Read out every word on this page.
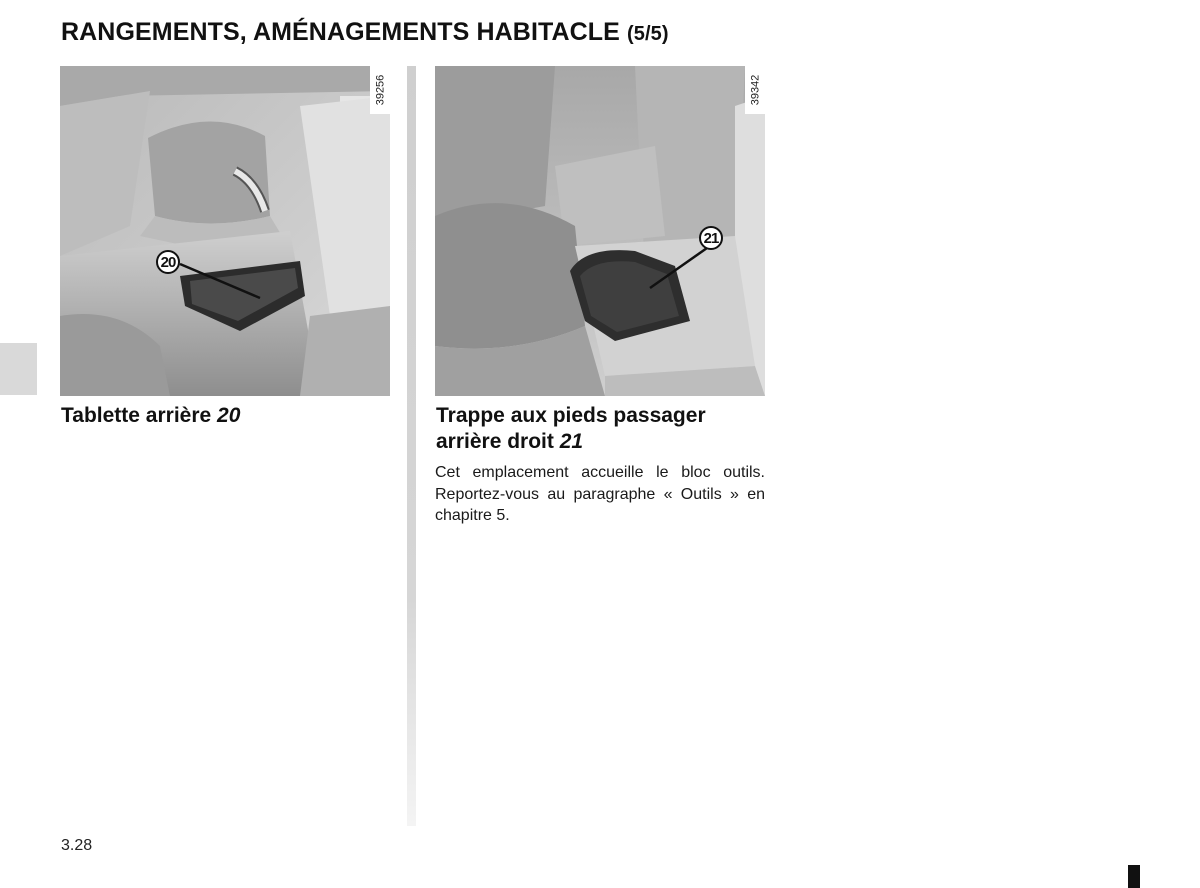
RANGEMENTS, AMÉNAGEMENTS HABITACLE (5/5)
39256
20
Tablette arrière 20
39342
21
Trappe aux pieds passager arrière droit 21

Cet emplacement accueille le bloc outils. Reportez-vous au paragraphe « Outils » en chapitre 5.

3.28
